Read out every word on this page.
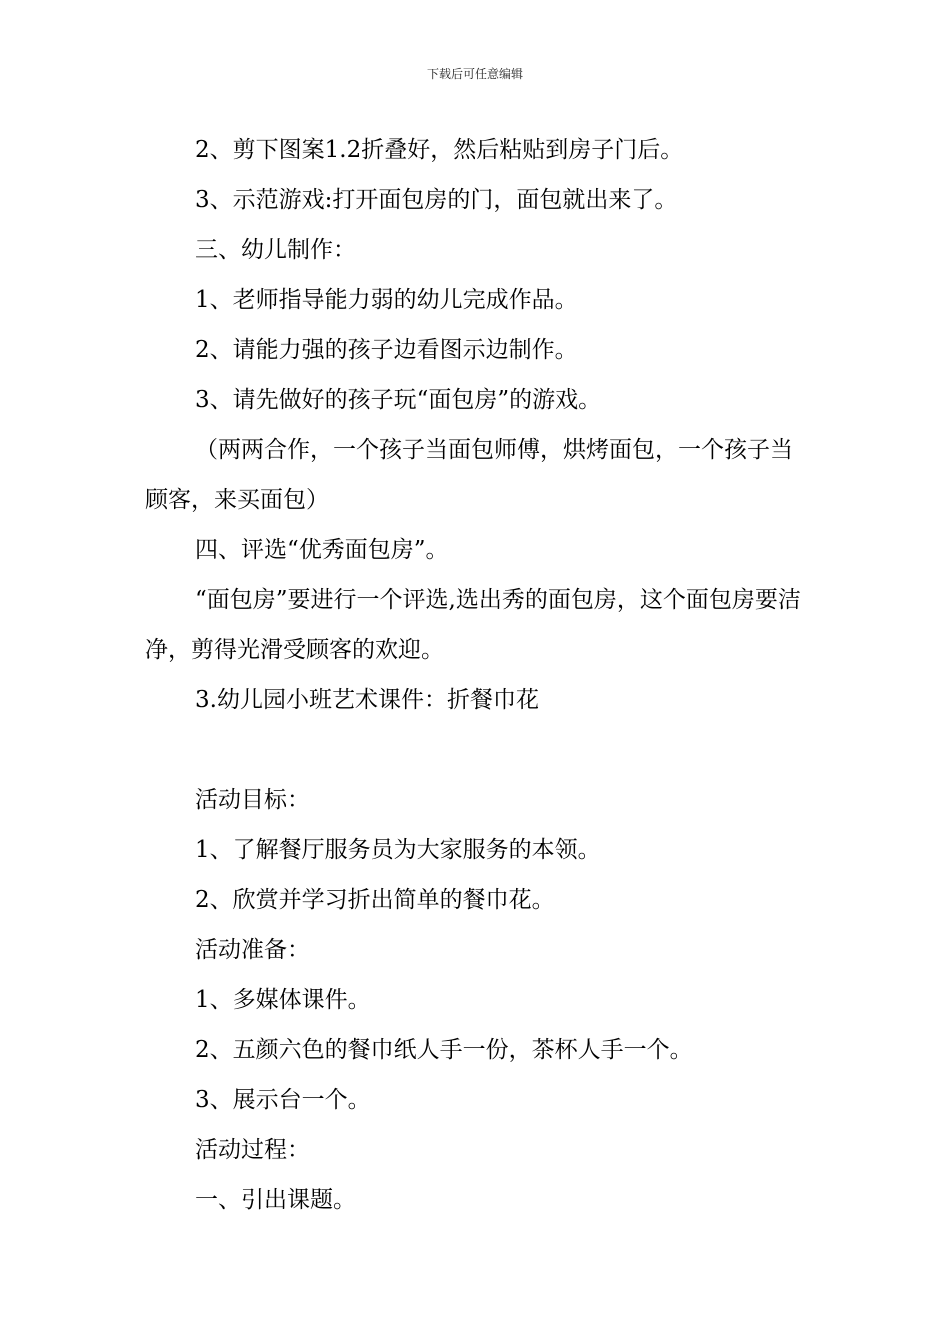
下载后可任意编辑

2、剪下图案1.2折叠好，然后粘贴到房子门后。

3、示范游戏:打开面包房的门，面包就出来了。

三、幼儿制作：

1、老师指导能力弱的幼儿完成作品。

2、请能力强的孩子边看图示边制作。

3、请先做好的孩子玩“面包房”的游戏。

（两两合作，一个孩子当面包师傅，烘烤面包，一个孩子当顾客，来买面包）

四、评选“优秀面包房”。

“面包房”要进行一个评选,选出秀的面包房，这个面包房要洁净，剪得光滑受顾客的欢迎。

3.幼儿园小班艺术课件：折餐巾花

活动目标：

1、了解餐厅服务员为大家服务的本领。

2、欣赏并学习折出简单的餐巾花。

活动准备：

1、多媒体课件。

2、五颜六色的餐巾纸人手一份，茶杯人手一个。

3、展示台一个。

活动过程：

一、引出课题。
